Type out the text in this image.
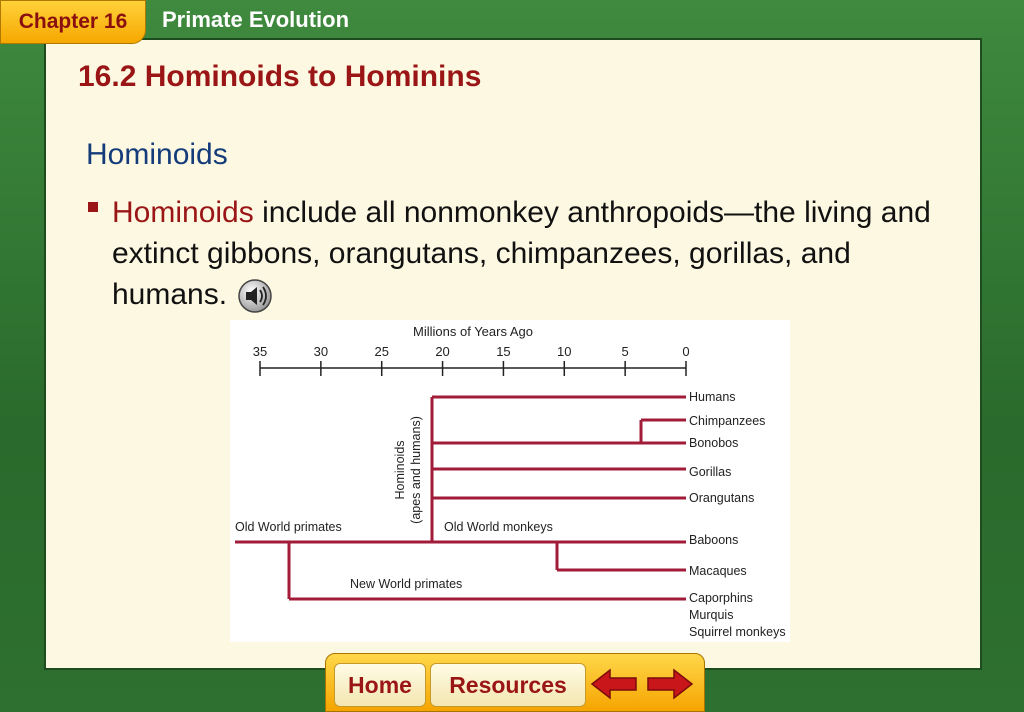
Chapter 16	Primate Evolution
16.2 Hominoids to Hominins
Hominoids
Hominoids include all nonmonkey anthropoids—the living and extinct gibbons, orangutans, chimpanzees, gorillas, and humans.
Millions of Years Ago
35	30	25	20	15	10	5	0
Hominoids (apes and humans)
Old World primates	Old World monkeys
New World primates
Humans
Chimpanzees
Bonobos
Gorillas
Orangutans
Baboons
Macaques
Caporphins
Murquis
Squirrel monkeys
Home	Resources
